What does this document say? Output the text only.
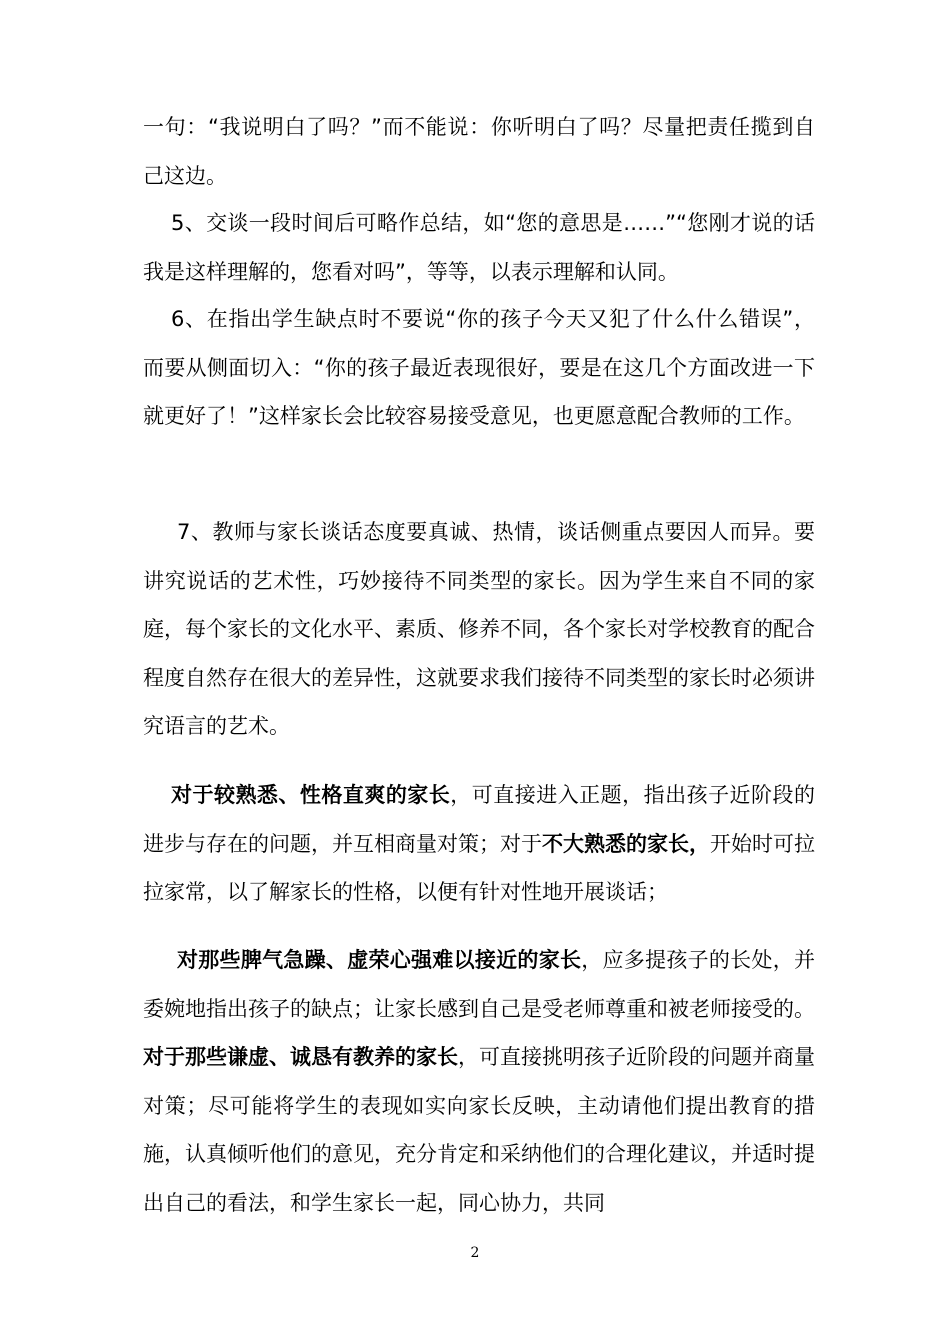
一句：“我说明白了吗？”而不能说：你听明白了吗？尽量把责任揽到自己这边。

5、交谈一段时间后可略作总结，如“您的意思是……”“您刚才说的话我是这样理解的，您看对吗”，等等，以表示理解和认同。

6、在指出学生缺点时不要说“你的孩子今天又犯了什么什么错误”，而要从侧面切入：“你的孩子最近表现很好，要是在这几个方面改进一下就更好了！”这样家长会比较容易接受意见，也更愿意配合教师的工作。

7、教师与家长谈话态度要真诚、热情，谈话侧重点要因人而异。要讲究说话的艺术性，巧妙接待不同类型的家长。因为学生来自不同的家庭，每个家长的文化水平、素质、修养不同，各个家长对学校教育的配合程度自然存在很大的差异性，这就要求我们接待不同类型的家长时必须讲究语言的艺术。

对于较熟悉、性格直爽的家长，可直接进入正题，指出孩子近阶段的进步与存在的问题，并互相商量对策；对于不大熟悉的家长，开始时可拉拉家常，以了解家长的性格，以便有针对性地开展谈话；

对那些脾气急躁、虚荣心强难以接近的家长，应多提孩子的长处，并委婉地指出孩子的缺点；让家长感到自己是受老师尊重和被老师接受的。对于那些谦虚、诚恳有教养的家长，可直接挑明孩子近阶段的问题并商量对策；尽可能将学生的表现如实向家长反映，主动请他们提出教育的措施，认真倾听他们的意见，充分肯定和采纳他们的合理化建议，并适时提出自己的看法，和学生家长一起，同心协力，共同

2
